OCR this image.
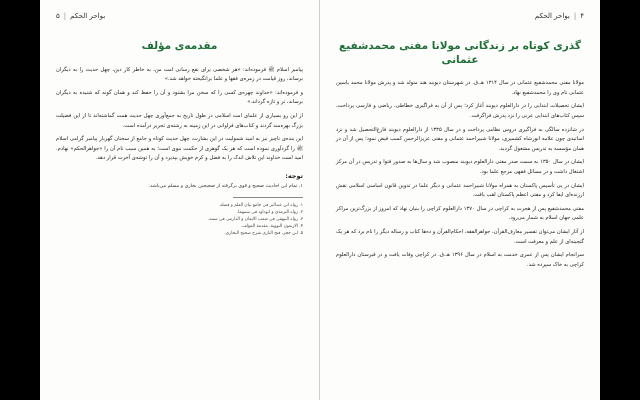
بواحر الحکم
|
۵
مقدمه‌ی مؤلف

پیامبر اسلام ﷺ فرموده‌اند: «هر شخصی برای نفع رسانی امت من، به خاطر کار دین، چهل حدیث را به دیگران برساند، روز قیامت در زمره‌ی فقها و علما برانگیخته خواهد شد.»

و فرموده‌اند: «خداوند چهره‌ی کسی را که سخن مرا بشنود و آن را حفظ کند و همان گونه که شنیده به دیگران برساند، تر و تازه گرداند.»

از این رو بسیاری از علمای امت اسلامی در طول تاریخ به جمع‌آوری چهل حدیث همت گماشته‌اند تا از این فضیلت بزرگ بهره‌مند گردند و کتاب‌های فراوانی در این زمینه به رشته‌ی تحریر درآمده است.

این بنده‌ی ناچیز نیز به امید شمولیت در این بشارت، چهل حدیث کوتاه و جامع از سخنان گهربار پیامبر گرامی اسلام ﷺ را گردآوری نموده است که هر یک گوهری از حکمت نبوی است؛ به همین سبب نام آن را «جواهرالحکم» نهادم. امید است خداوند این تلاش اندک را به فضل و کرم خویش بپذیرد و آن را توشه‌ی آخرت قرار دهد.

توجه:

۱. تمام این احادیث صحیح و قوی برگرفته از صحیحین بخاری و مسلم می‌باشد.

۱. رواه ابن عبدالبر فی جامع بیان العلم و فضله.

۲. رواه الترمذی و ابوداود فی سننهما.

۳. رواه البیهقی فی شعب الایمان و الدارمی فی سننه.

۴. الاربعون النوویة، مقدمة المؤلف.

۵. ابن حجر، فتح الباری شرح صحیح البخاری.

۴
|
بواحر الحکم
گذری کوتاه بر زندگانی مولانا مفتی محمدشفیع عثمانی

مولانا مفتی محمدشفیع عثمانی در سال ۱۳۱۴ هـ.ق. در شهرستان دیوبند هند متولد شد و پدرش مولانا محمد یاسین عثمانی نام وی را محمدشفیع نهاد.

ایشان تحصیلات ابتدایی را در دارالعلوم دیوبند آغاز کرد؛ پس از آن به فراگیری خطاطی، ریاضی و فارسی پرداخت، سپس کتاب‌های ابتدایی عربی را نزد پدرش فراگرفت.

در شانزده سالگی به فراگیری دروس نظامی پرداخت و در سال ۱۳۳۵ از دارالعلوم دیوبند فارغ‌التحصیل شد و نزد اساتیدی چون علامه انورشاه کشمیری، مولانا شبیراحمد عثمانی و مفتی عزیزالرحمن کسب فیض نمود؛ پس از آن در همان مؤسسه به تدریس مشغول گردید.

ایشان در سال ۱۳۵۰ به سمت صدر مفتی دارالعلوم دیوبند منصوب شد و سال‌ها به صدور فتوا و تدریس در آن مرکز اشتغال داشت و در مسائل فقهی مرجع علما بود.

ایشان در پی تأسیس پاکستان به همراه مولانا شبیراحمد عثمانی و دیگر علما در تدوین قانون اساسی اسلامی نقش ارزنده‌ای ایفا کرد و مفتی اعظم پاکستان لقب یافت.

مفتی محمدشفیع پس از هجرت به کراچی در سال ۱۳۷۰ دارالعلوم کراچی را بنیان نهاد که امروز از بزرگ‌ترین مراکز علمی جهان اسلام به شمار می‌رود.

از آثار ایشان می‌توان تفسیر معارف‌القرآن، جواهرالفقه، احکام‌القرآن و ده‌ها کتاب و رساله دیگر را نام برد که هر یک گنجینه‌ای از علم و معرفت است.

سرانجام ایشان پس از عمری خدمت به اسلام در سال ۱۳۹۶ هـ.ق. در کراچی وفات یافت و در قبرستان دارالعلوم کراچی به خاک سپرده شد.
